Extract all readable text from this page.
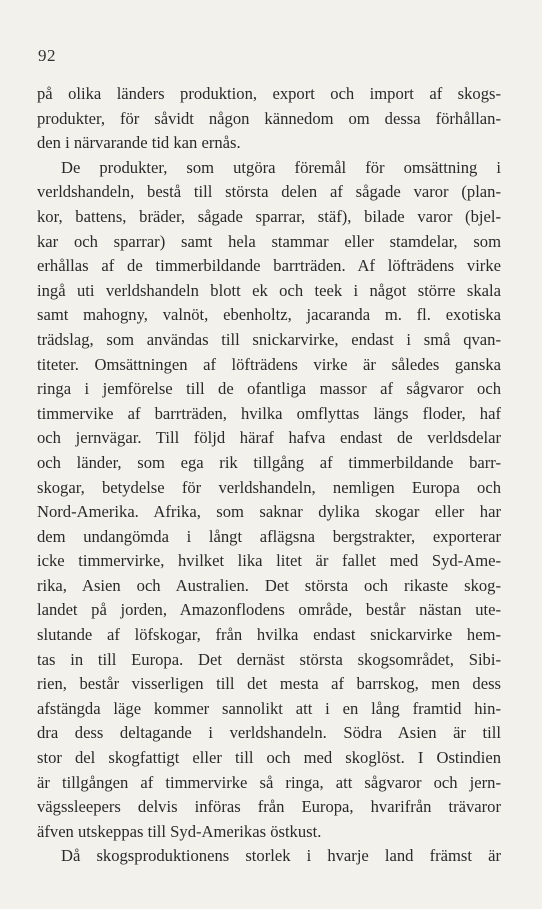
92
på olika länders produktion, export och import af skogs-
produkter, för såvidt någon kännedom om dessa förhållan-
den i närvarande tid kan ernås.
De produkter, som utgöra föremål för omsättning i
verldshandeln, bestå till största delen af sågade varor (plan-
kor, battens, bräder, sågade sparrar, stäf), bilade varor (bjel-
kar och sparrar) samt hela stammar eller stamdelar, som
erhållas af de timmerbildande barrträden. Af löfträdens virke
ingå uti verldshandeln blott ek och teek i något större skala
samt mahogny, valnöt, ebenholtz, jacaranda m. fl. exotiska
trädslag, som användas till snickarvirke, endast i små qvan-
titeter. Omsättningen af löfträdens virke är således ganska
ringa i jemförelse till de ofantliga massor af sågvaror och
timmervike af barrträden, hvilka omflyttas längs floder, haf
och jernvägar. Till följd häraf hafva endast de verldsdelar
och länder, som ega rik tillgång af timmerbildande barr-
skogar, betydelse för verldshandeln, nemligen Europa och
Nord-Amerika. Afrika, som saknar dylika skogar eller har
dem undangömda i långt aflägsna bergstrakter, exporterar
icke timmervirke, hvilket lika litet är fallet med Syd-Ame-
rika, Asien och Australien. Det största och rikaste skog-
landet på jorden, Amazonflodens område, består nästan ute-
slutande af löfskogar, från hvilka endast snickarvirke hem-
tas in till Europa. Det dernäst största skogsområdet, Sibi-
rien, består visserligen till det mesta af barrskog, men dess
afstängda läge kommer sannolikt att i en lång framtid hin-
dra dess deltagande i verldshandeln. Södra Asien är till
stor del skogfattigt eller till och med skoglöst. I Ostindien
är tillgången af timmervirke så ringa, att sågvaror och jern-
vägssleepers delvis införas från Europa, hvarifrån trävaror
äfven utskeppas till Syd-Amerikas östkust.
Då skogsproduktionens storlek i hvarje land främst är
